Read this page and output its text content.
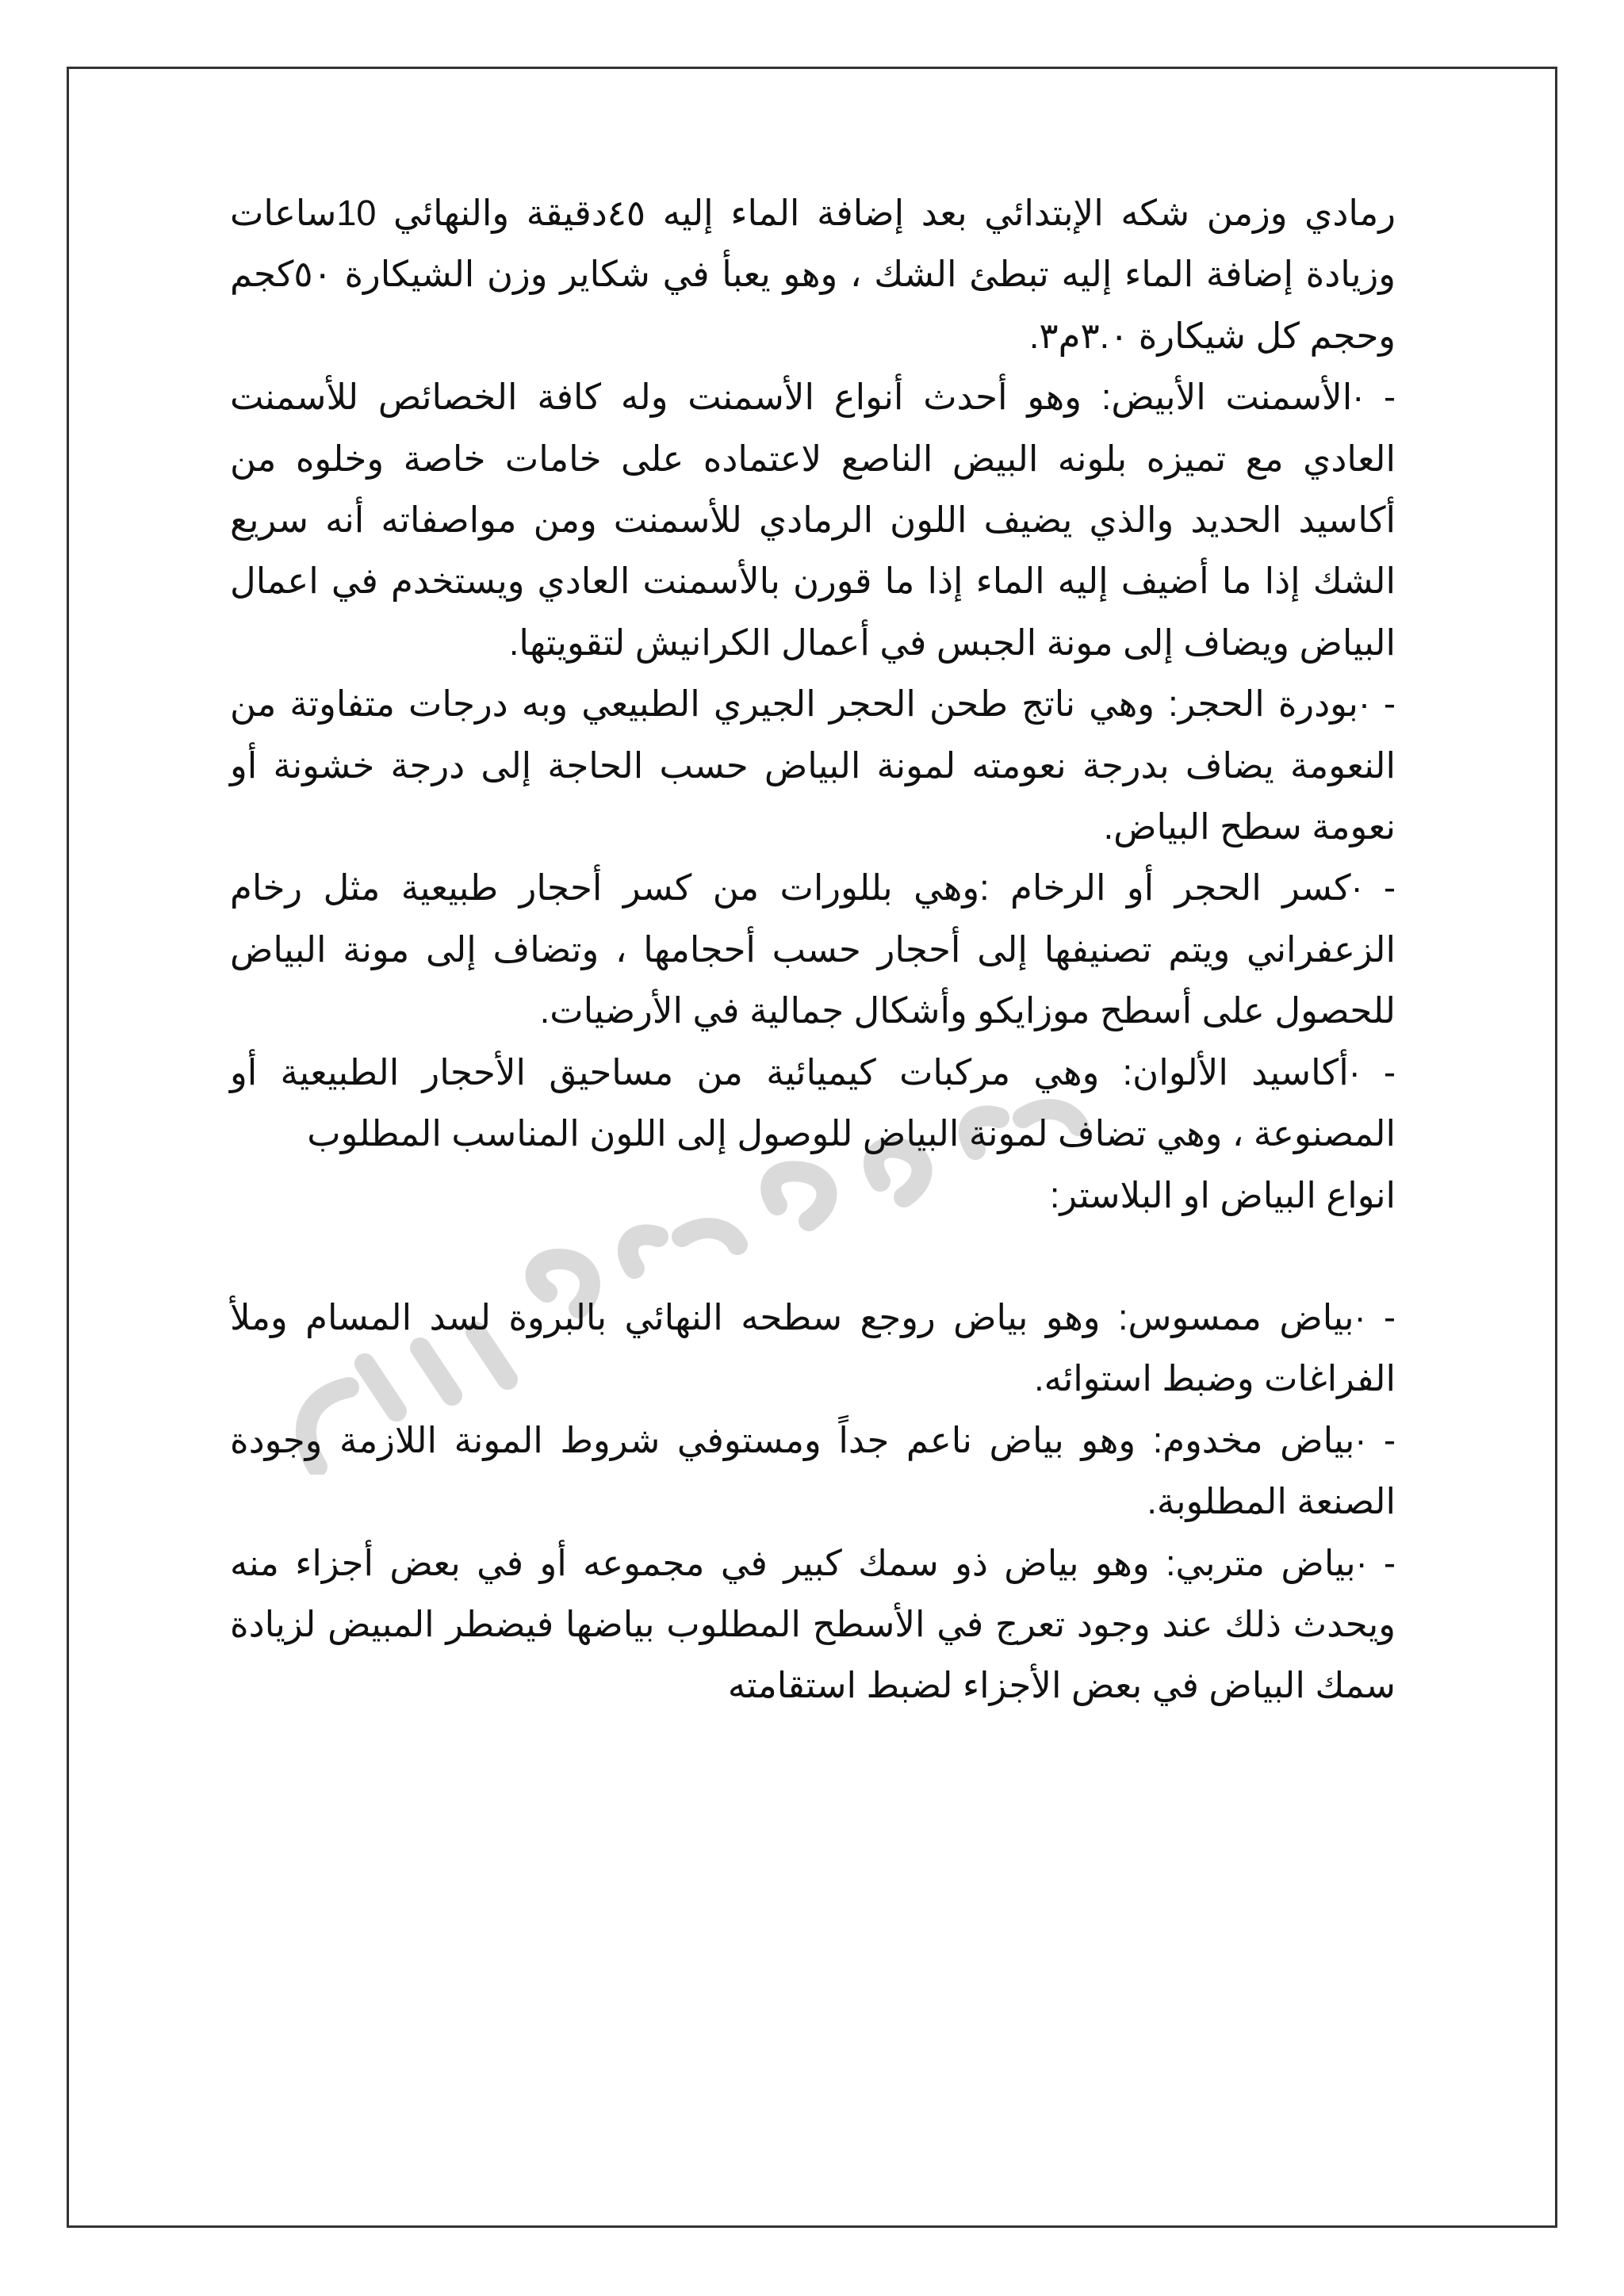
رمادي وزمن شكه الإبتدائي بعد إضافة الماء إليه ٤٥دقيقة والنهائي 10ساعات وزيادة إضافة الماء إليه تبطئ الشك ، وهو يعبأ في شكاير وزن الشيكارة ٥٠كجم وحجم كل شيكارة ٣.٠م٣.

- ·الأسمنت الأبيض: وهو أحدث أنواع الأسمنت وله كافة الخصائص للأسمنت العادي مع تميزه بلونه البيض الناصع لاعتماده على خامات خاصة وخلوه من أكاسيد الحديد والذي يضيف اللون الرمادي للأسمنت ومن مواصفاته أنه سريع الشك إذا ما أضيف إليه الماء إذا ما قورن بالأسمنت العادي ويستخدم في اعمال البياض ويضاف إلى مونة الجبس في أعمال الكرانيش لتقويتها.

- ·بودرة الحجر: وهي ناتج طحن الحجر الجيري الطبيعي وبه درجات متفاوتة من النعومة يضاف بدرجة نعومته لمونة البياض حسب الحاجة إلى درجة خشونة أو نعومة سطح البياض.

- ·كسر الحجر أو الرخام :وهي بللورات من كسر أحجار طبيعية مثل رخام الزعفراني ويتم تصنيفها إلى أحجار حسب أحجامها ، وتضاف إلى مونة البياض للحصول على أسطح موزايكو وأشكال جمالية في الأرضيات.

- ·أكاسيد الألوان: وهي مركبات كيميائية من مساحيق الأحجار الطبيعية أو المصنوعة ، وهي تضاف لمونة البياض للوصول إلى اللون المناسب المطلوب

انواع البياض او البلاستر:

- ·بياض ممسوس: وهو بياض روجع سطحه النهائي بالبروة لسد المسام وملأ الفراغات وضبط استوائه.

- ·بياض مخدوم: وهو بياض ناعم جداً ومستوفي شروط المونة اللازمة وجودة الصنعة المطلوبة.

- ·بياض متربي: وهو بياض ذو سمك كبير في مجموعه أو في بعض أجزاء منه ويحدث ذلك عند وجود تعرج في الأسطح المطلوب بياضها فيضطر المبيض لزيادة سمك البياض في بعض الأجزاء لضبط استقامته
